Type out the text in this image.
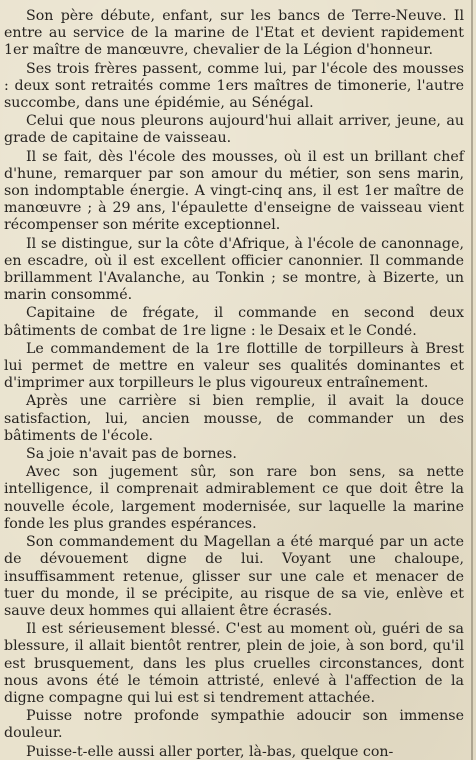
Son père débute, enfant, sur les bancs de Terre-Neuve. Il entre au service de la marine de l'Etat et devient rapidement 1er maître de manœuvre, chevalier de la Légion d'honneur.

Ses trois frères passent, comme lui, par l'école des mousses : deux sont retraités comme 1ers maîtres de timonerie, l'autre succombe, dans une épidémie, au Sénégal.

Celui que nous pleurons aujourd'hui allait arriver, jeune, au grade de capitaine de vaisseau.

Il se fait, dès l'école des mousses, où il est un brillant chef d'hune, remarquer par son amour du métier, son sens marin, son indomptable énergie. A vingt-cinq ans, il est 1er maître de manœuvre ; à 29 ans, l'épaulette d'enseigne de vaisseau vient récompenser son mérite exceptionnel.

Il se distingue, sur la côte d'Afrique, à l'école de canonnage, en escadre, où il est excellent officier canonnier. Il commande brillamment l'Avalanche, au Tonkin ; se montre, à Bizerte, un marin consommé.

Capitaine de frégate, il commande en second deux bâtiments de combat de 1re ligne : le Desaix et le Condé.

Le commandement de la 1re flottille de torpilleurs à Brest lui permet de mettre en valeur ses qualités dominantes et d'imprimer aux torpilleurs le plus vigoureux entraînement.

Après une carrière si bien remplie, il avait la douce satisfaction, lui, ancien mousse, de commander un des bâtiments de l'école.

Sa joie n'avait pas de bornes.

Avec son jugement sûr, son rare bon sens, sa nette intelligence, il comprenait admirablement ce que doit être la nouvelle école, largement modernisée, sur laquelle la marine fonde les plus grandes espérances.

Son commandement du Magellan a été marqué par un acte de dévouement digne de lui. Voyant une chaloupe, insuffisamment retenue, glisser sur une cale et menacer de tuer du monde, il se précipite, au risque de sa vie, enlève et sauve deux hommes qui allaient être écrasés.

Il est sérieusement blessé. C'est au moment où, guéri de sa blessure, il allait bientôt rentrer, plein de joie, à son bord, qu'il est brusquement, dans les plus cruelles circonstances, dont nous avons été le témoin attristé, enlevé à l'affection de la digne compagne qui lui est si tendrement attachée.

Puisse notre profonde sympathie adoucir son immense douleur.

Puisse-t-elle aussi aller porter, là-bas, quelque con-
